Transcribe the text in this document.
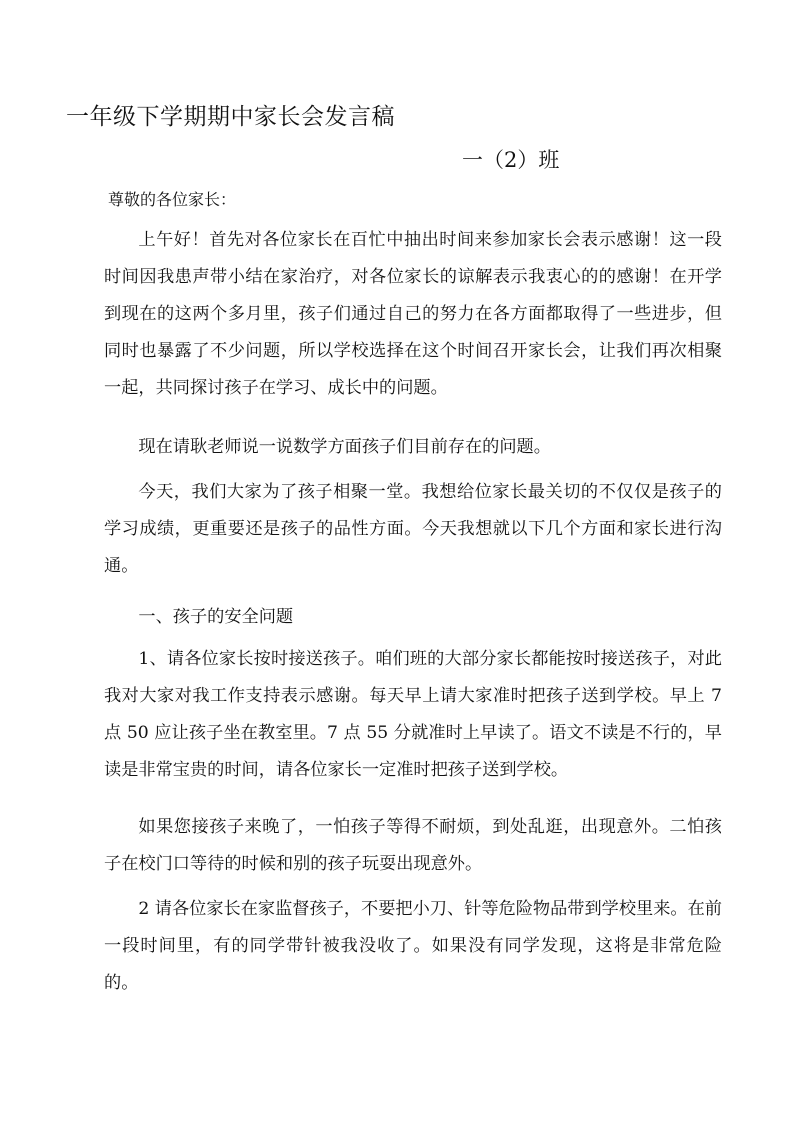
一年级下学期期中家长会发言稿
一（2）班
尊敬的各位家长：

上午好！首先对各位家长在百忙中抽出时间来参加家长会表示感谢！这一段时间因我患声带小结在家治疗，对各位家长的谅解表示我衷心的的感谢！在开学到现在的这两个多月里，孩子们通过自己的努力在各方面都取得了一些进步，但同时也暴露了不少问题，所以学校选择在这个时间召开家长会，让我们再次相聚一起，共同探讨孩子在学习、成长中的问题。

现在请耿老师说一说数学方面孩子们目前存在的问题。

今天，我们大家为了孩子相聚一堂。我想给位家长最关切的不仅仅是孩子的学习成绩，更重要还是孩子的品性方面。今天我想就以下几个方面和家长进行沟通。

一、孩子的安全问题

1、请各位家长按时接送孩子。咱们班的大部分家长都能按时接送孩子，对此我对大家对我工作支持表示感谢。每天早上请大家准时把孩子送到学校。早上 7 点 50 应让孩子坐在教室里。7 点 55 分就准时上早读了。语文不读是不行的，早读是非常宝贵的时间，请各位家长一定准时把孩子送到学校。

如果您接孩子来晚了，一怕孩子等得不耐烦，到处乱逛，出现意外。二怕孩子在校门口等待的时候和别的孩子玩耍出现意外。

2 请各位家长在家监督孩子，不要把小刀、针等危险物品带到学校里来。在前一段时间里，有的同学带针被我没收了。如果没有同学发现，这将是非常危险的。
